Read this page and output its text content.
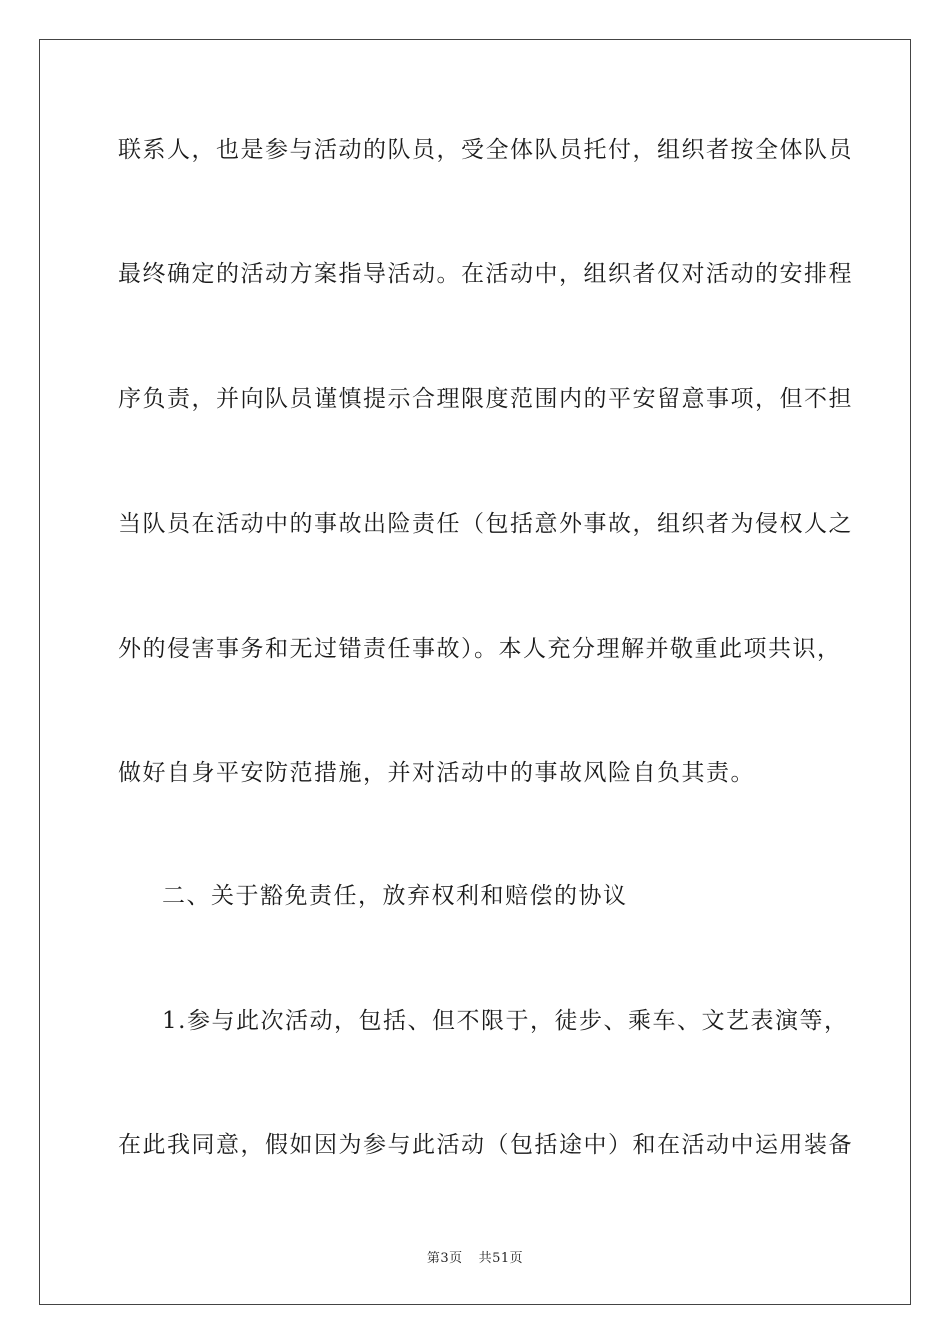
联系人，也是参与活动的队员，受全体队员托付，组织者按全体队员
最终确定的活动方案指导活动。在活动中，组织者仅对活动的安排程
序负责，并向队员谨慎提示合理限度范围内的平安留意事项，但不担
当队员在活动中的事故出险责任（包括意外事故，组织者为侵权人之
外的侵害事务和无过错责任事故）。本人充分理解并敬重此项共识，
做好自身平安防范措施，并对活动中的事故风险自负其责。
二、关于豁免责任，放弃权利和赔偿的协议
1.参与此次活动，包括、但不限于，徒步、乘车、文艺表演等，
在此我同意，假如因为参与此活动（包括途中）和在活动中运用装备
第3页 共51页
